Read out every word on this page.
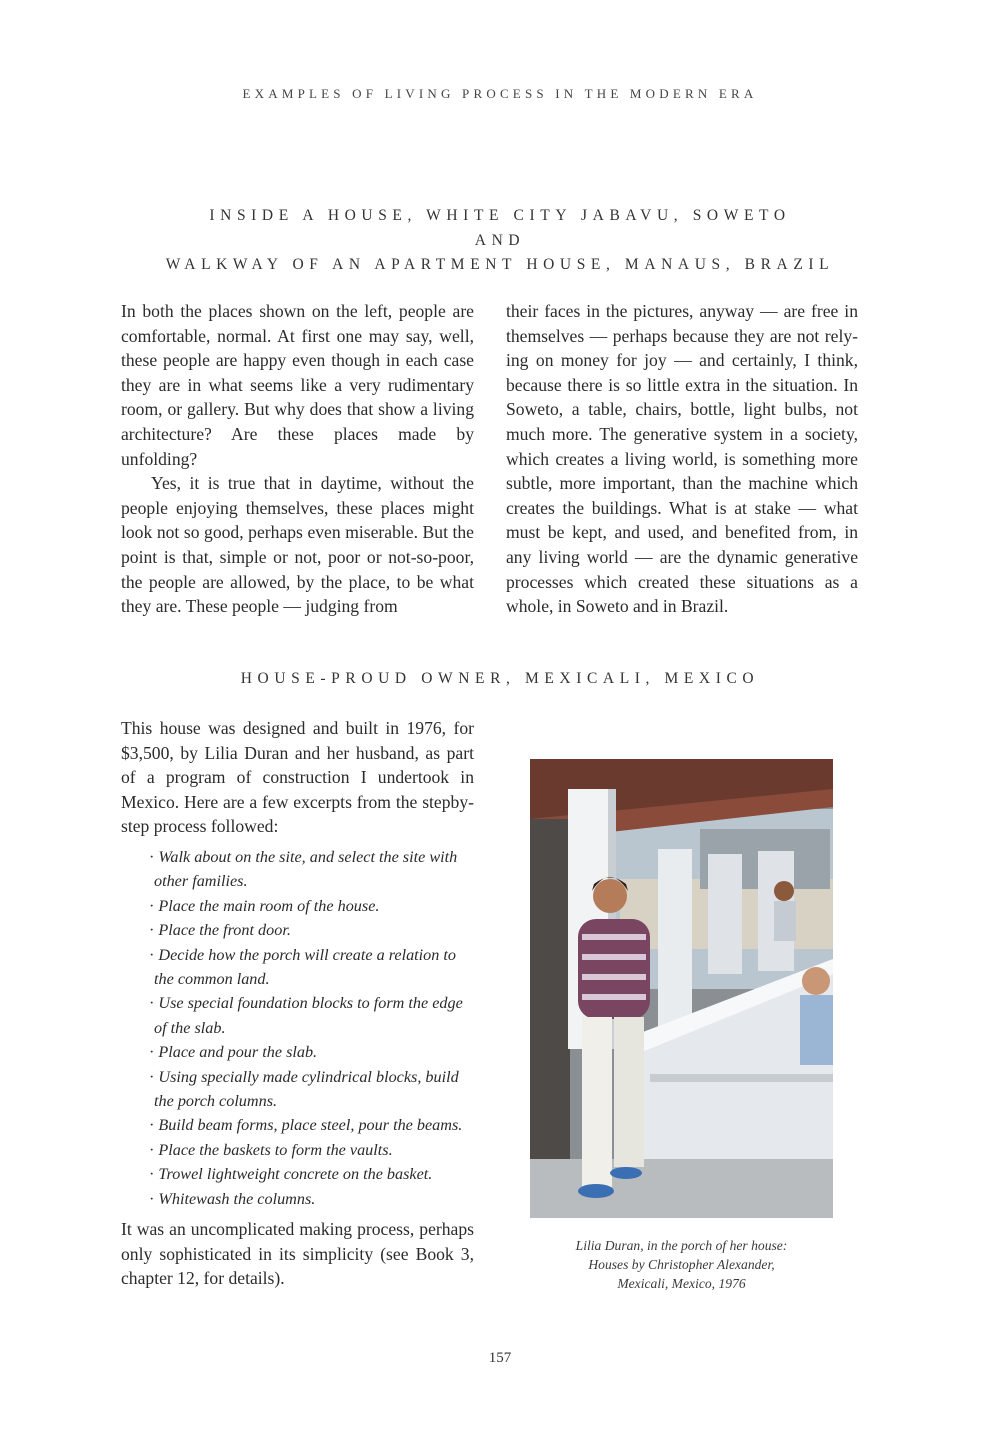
EXAMPLES OF LIVING PROCESS IN THE MODERN ERA
INSIDE A HOUSE, WHITE CITY JABAVU, SOWETO
AND
WALKWAY OF AN APARTMENT HOUSE, MANAUS, BRAZIL

In both the places shown on the left, people are comfortable, normal. At first one may say, well, these people are happy even though in each case they are in what seems like a very rudimentary room, or gallery. But why does that show a living architecture? Are these places made by unfolding?

Yes, it is true that in daytime, without the people enjoying themselves, these places might look not so good, perhaps even miserable. But the point is that, simple or not, poor or not-so-poor, the people are allowed, by the place, to be what they are. These people — judging from

their faces in the pictures, anyway — are free in themselves — perhaps because they are not relying on money for joy — and certainly, I think, because there is so little extra in the situation. In Soweto, a table, chairs, bottle, light bulbs, not much more. The generative system in a society, which creates a living world, is something more subtle, more important, than the machine which creates the buildings. What is at stake — what must be kept, and used, and benefited from, in any living world — are the dynamic generative processes which created these situations as a whole, in Soweto and in Brazil.

HOUSE-PROUD OWNER, MEXICALI, MEXICO

This house was designed and built in 1976, for $3,500, by Lilia Duran and her husband, as part of a program of construction I undertook in Mexico. Here are a few excerpts from the stepby-step process followed:

· Walk about on the site, and select the site with other families.
· Place the main room of the house.
· Place the front door.
· Decide how the porch will create a relation to the common land.
· Use special foundation blocks to form the edge of the slab.
· Place and pour the slab.
· Using specially made cylindrical blocks, build the porch columns.
· Build beam forms, place steel, pour the beams.
· Place the baskets to form the vaults.
· Trowel lightweight concrete on the basket.
· Whitewash the columns.

It was an uncomplicated making process, perhaps only sophisticated in its simplicity (see Book 3, chapter 12, for details).

Lilia Duran, in the porch of her house:
Houses by Christopher Alexander,
Mexicali, Mexico, 1976
157
